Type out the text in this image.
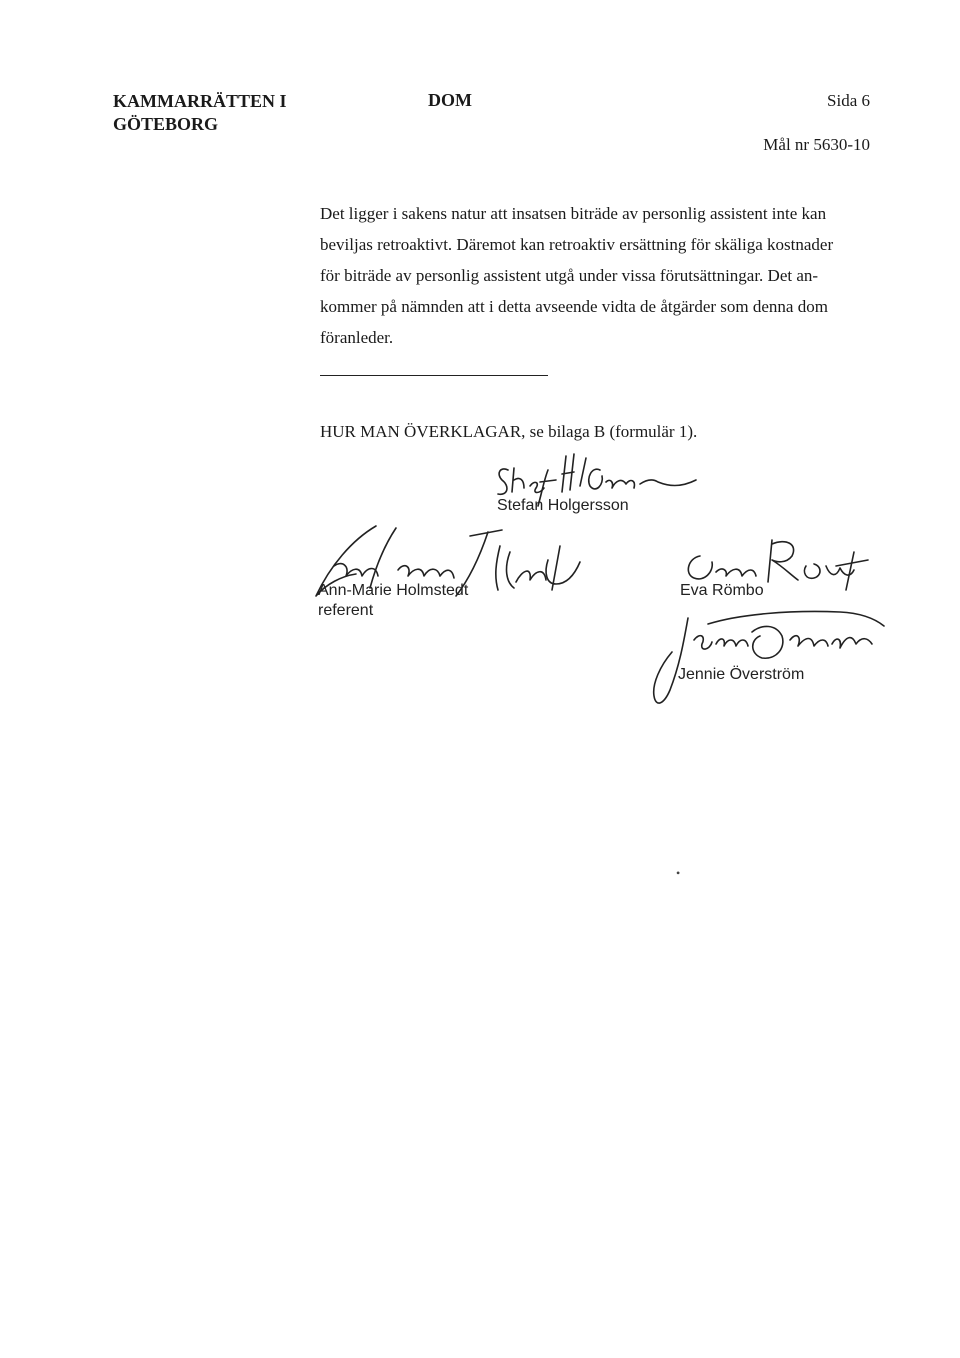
KAMMARRÄTTEN I
GÖTEBORG
DOM	Sida 6
Mål nr 5630-10
Det ligger i sakens natur att insatsen biträde av personlig assistent inte kan
beviljas retroaktivt. Däremot kan retroaktiv ersättning för skäliga kostnader
för biträde av personlig assistent utgå under vissa förutsättningar. Det an-
kommer på nämnden att i detta avseende vidta de åtgärder som denna dom
föranleder.
HUR MAN ÖVERKLAGAR, se bilaga B (formulär 1).
Stefan Holgersson
Ann-Marie Holmstedt
referent
Eva Römbo
Jennie Överström
•
